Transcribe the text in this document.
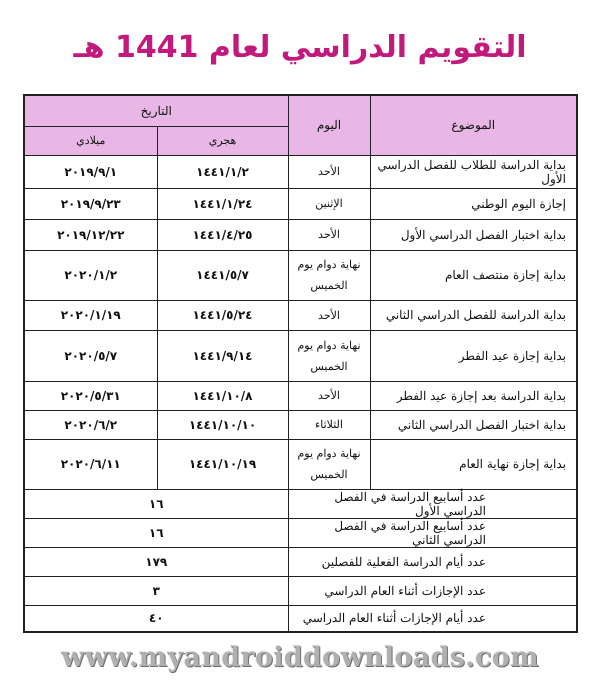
التقويم الدراسي لعام 1441 هـ
الموضوع	اليوم	التاريخ	
		هجري	ميلادي
بداية الدراسة للطلاب للفصل الدراسي الأول	الأحد	١٤٤١/١/٢	٢٠١٩/٩/١
إجازة اليوم الوطني	الإثنين	١٤٤١/١/٢٤	٢٠١٩/٩/٢٣
بداية اختبار الفصل الدراسي الأول	الأحد	١٤٤١/٤/٢٥	٢٠١٩/١٢/٢٢
بداية إجازة منتصف العام	نهاية دوام يوم الخميس	١٤٤١/٥/٧	٢٠٢٠/١/٢
بداية الدراسة للفصل الدراسي الثاني	الأحد	١٤٤١/٥/٢٤	٢٠٢٠/١/١٩
بداية إجازة عيد الفطر	نهاية دوام يوم الخميس	١٤٤١/٩/١٤	٢٠٢٠/٥/٧
بداية الدراسة بعد إجازة عيد الفطر	الأحد	١٤٤١/١٠/٨	٢٠٢٠/٥/٣١
بداية اختبار الفصل الدراسي الثاني	الثلاثاء	١٤٤١/١٠/١٠	٢٠٢٠/٦/٢
بداية إجازة نهاية العام	نهاية دوام يوم الخميس	١٤٤١/١٠/١٩	٢٠٢٠/٦/١١
عدد أسابيع الدراسة في الفصل الدراسي الأول		١٦	
عدد أسابيع الدراسة في الفصل الدراسي الثاني		١٦	
عدد أيام الدراسة الفعلية للفصلين		١٧٩	
عدد الإجازات أثناء العام الدراسي		٣	
عدد أيام الإجازات أثناء العام الدراسي		٤٠	
www.myandroiddownloads.com
